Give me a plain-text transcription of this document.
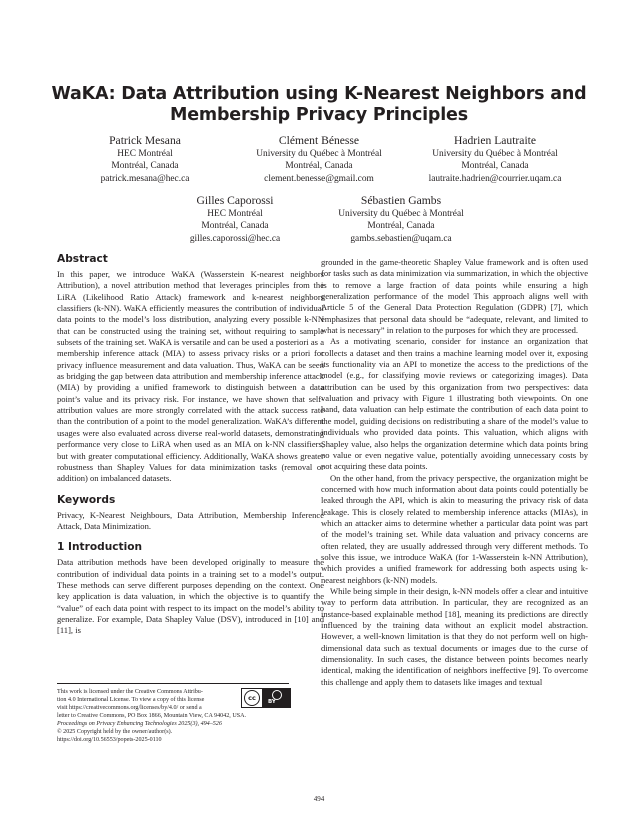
WaKA: Data Attribution using K-Nearest Neighbors and
Membership Privacy Principles
Patrick Mesana
HEC Montréal
Montréal, Canada
patrick.mesana@hec.ca
Clément Bénesse
University du Québec à Montréal
Montréal, Canada
clement.benesse@gmail.com
Hadrien Lautraite
University du Québec à Montréal
Montréal, Canada
lautraite.hadrien@courrier.uqam.ca
Gilles Caporossi
HEC Montréal
Montréal, Canada
gilles.caporossi@hec.ca
Sébastien Gambs
University du Québec à Montréal
Montréal, Canada
gambs.sebastien@uqam.ca
Abstract

In this paper, we introduce WaKA (Wasserstein K-nearest neighbors Attribution), a novel attribution method that leverages principles from the LiRA (Likelihood Ratio Attack) framework and k-nearest neighbors classifiers (k-NN). WaKA efficiently measures the contribution of individual data points to the model’s loss distribution, analyzing every possible k-NN that can be constructed using the training set, without requiring to sample subsets of the training set. WaKA is versatile and can be used a posteriori as a membership inference attack (MIA) to assess privacy risks or a priori for privacy influence measurement and data valuation. Thus, WaKA can be seen as bridging the gap between data attribution and membership inference attack (MIA) by providing a unified framework to distinguish between a data point’s value and its privacy risk. For instance, we have shown that self-attribution values are more strongly correlated with the attack success rate than the contribution of a point to the model generalization. WaKA’s different usages were also evaluated across diverse real-world datasets, demonstrating performance very close to LiRA when used as an MIA on k-NN classifiers, but with greater computational efficiency. Additionally, WaKA shows greater robustness than Shapley Values for data minimization tasks (removal or addition) on imbalanced datasets.

Keywords

Privacy, K-Nearest Neighbours, Data Attribution, Membership Inference Attack, Data Minimization.

1 Introduction

Data attribution methods have been developed originally to measure the contribution of individual data points in a training set to a model’s output. These methods can serve different purposes depending on the context. One key application is data valuation, in which the objective is to quantify the “value” of each data point with respect to its impact on the model’s ability to generalize. For example, Data Shapley Value (DSV), introduced in [10] and [11], is

grounded in the game-theoretic Shapley Value framework and is often used for tasks such as data minimization via summarization, in which the objective is to remove a large fraction of data points while ensuring a high generalization performance of the model This approach aligns well with Article 5 of the General Data Protection Regulation (GDPR) [7], which emphasizes that personal data should be “adequate, relevant, and limited to what is necessary” in relation to the purposes for which they are processed.

As a motivating scenario, consider for instance an organization that collects a dataset and then trains a machine learning model over it, exposing its functionality via an API to monetize the access to the predictions of the model (e.g., for classifying movie reviews or categorizing images). Data attribution can be used by this organization from two perspectives: data valuation and privacy with Figure 1 illustrating both viewpoints. On one hand, data valuation can help estimate the contribution of each data point to the model, guiding decisions on redistributing a share of the model’s value to individuals who provided data points. This valuation, which aligns with Shapley value, also helps the organization determine which data points bring no value or even negative value, potentially avoiding unnecessary costs by not acquiring these data points.

On the other hand, from the privacy perspective, the organization might be concerned with how much information about data points could potentially be leaked through the API, which is akin to measuring the privacy risk of data leakage. This is closely related to membership inference attacks (MIAs), in which an attacker aims to determine whether a particular data point was part of the model’s training set. While data valuation and privacy concerns are often related, they are usually addressed through very different methods. To solve this issue, we introduce WaKA (for 1-Wasserstein k-NN Attribution), which provides a unified framework for addressing both aspects using k-nearest neighbors (k-NN) models.

While being simple in their design, k-NN models offer a clear and intuitive way to perform data attribution. In particular, they are recognized as an instance-based explainable method [18], meaning its predictions are directly influenced by the training data without an explicit model abstraction. However, a well-known limitation is that they do not perform well on high-dimensional data such as textual documents or images due to the curse of dimensionality. In such cases, the distance between points becomes nearly identical, making the identification of neighbors ineffective [9]. To overcome this challenge and apply them to datasets like images and textual

This work is licensed under the Creative Commons Attribu-
tion 4.0 International License. To view a copy of this license
visit https://creativecommons.org/licenses/by/4.0/ or send a
letter to Creative Commons, PO Box 1866, Mountain View, CA 94042, USA.
Proceedings on Privacy Enhancing Technologies 2025(3), 494–526
© 2025 Copyright held by the owner/author(s).
https://doi.org/10.56553/popets-2025-0110
cc	BY
494
